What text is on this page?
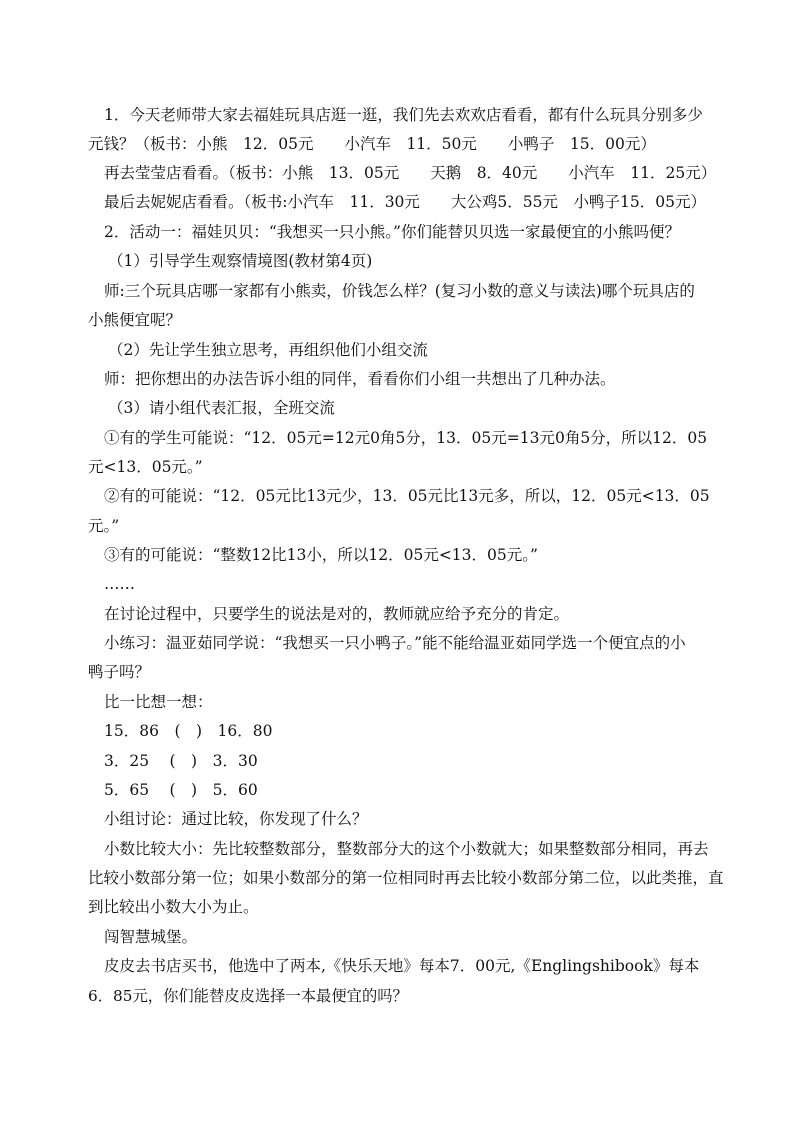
1．今天老师带大家去福娃玩具店逛一逛，我们先去欢欢店看看，都有什么玩具分别多少
元钱？（板书：小熊　12．05元　　小汽车　11．50元　　小鸭子　15．00元）
再去莹莹店看看。（板书：小熊　13．05元　　天鹅　8．40元　　小汽车　11．25元）
最后去妮妮店看看。（板书:小汽车　11．30元　　大公鸡5．55元　小鸭子15．05元）
2．活动一：福娃贝贝：“我想买一只小熊。”你们能替贝贝选一家最便宜的小熊吗便？
（1）引导学生观察情境图(教材第4页)
师:三个玩具店哪一家都有小熊卖，价钱怎么样？(复习小数的意义与读法)哪个玩具店的
小熊便宜呢？
（2）先让学生独立思考，再组织他们小组交流
师：把你想出的办法告诉小组的同伴，看看你们小组一共想出了几种办法。
（3）请小组代表汇报，全班交流
①有的学生可能说：“12．05元=12元0角5分，13．05元=13元0角5分，所以12．05
元<13．05元。”
②有的可能说：“12．05元比13元少，13．05元比13元多，所以，12．05元<13．05
元。”
③有的可能说：“整数12比13小，所以12．05元<13．05元。”
……
在讨论过程中，只要学生的说法是对的，教师就应给予充分的肯定。
小练习：温亚茹同学说：“我想买一只小鸭子。”能不能给温亚茹同学选一个便宜点的小
鸭子吗？
比一比想一想：
15．86　(　)　16．80
3．25　 (　)　3．30
5．65　 (　)　5．60
小组讨论：通过比较，你发现了什么？
小数比较大小：先比较整数部分，整数部分大的这个小数就大；如果整数部分相同，再去
比较小数部分第一位；如果小数部分的第一位相同时再去比较小数部分第二位，以此类推，直
到比较出小数大小为止。
闯智慧城堡。
皮皮去书店买书，他选中了两本,《快乐天地》每本7．00元,《Englingshibook》每本
6．85元，你们能替皮皮选择一本最便宜的吗？
